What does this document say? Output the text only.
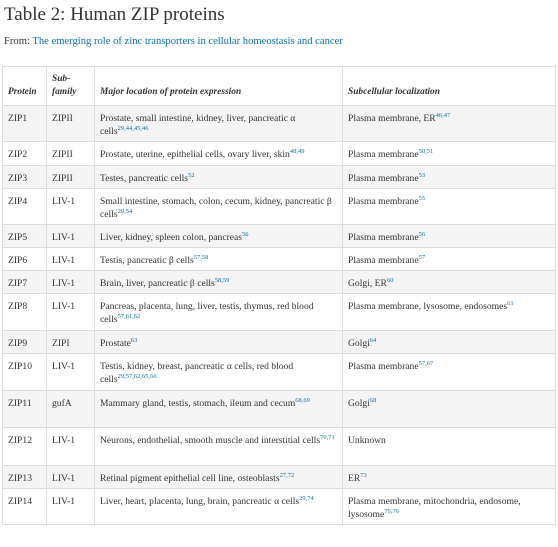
Table 2: Human ZIP proteins
From: The emerging role of zinc transporters in cellular homeostasis and cancer
Protein	Sub-family	Major location of protein expression	Subcellular localization
ZIP1	ZIPII	Prostate, small intestine, kidney, liver, pancreatic α cells$^{29,44,45,46}$	Plasma membrane, ER$^{46,47}$
ZIP2	ZIPII	Prostate, uterine, epithelial cells, ovary liver, skin$^{48,49}$	Plasma membrane$^{50,51}$
ZIP3	ZIPII	Testes, pancreatic cells$^{52}$	Plasma membrane$^{53}$
ZIP4	LIV-1	Small intestine, stomach, colon, cecum, kidney, pancreatic β cells$^{29,54}$	Plasma membrane$^{55}$
ZIP5	LIV-1	Liver, kidney, spleen colon, pancreas$^{56}$	Plasma membrane$^{56}$
ZIP6	LIV-1	Testis, pancreatic β cells$^{57,58}$	Plasma membrane$^{57}$
ZIP7	LIV-1	Brain, liver, pancreatic β cells$^{58,59}$	Golgi, ER$^{60}$
ZIP8	LIV-1	Pancreas, placenta, lung, liver, testis, thymus, red blood cells$^{57,61,62}$	Plasma membrane, lysosome, endosomes$^{61}$
ZIP9	ZIPI	Prostate$^{63}$	Golgi$^{64}$
ZIP10	LIV-1	Testis, kidney, breast, pancreatic α cells, red blood cells$^{29,57,62,65,66}$	Plasma membrane$^{57,67}$
ZIP11	gufA	Mammary gland, testis, stomach, ileum and cecum$^{68,69}$	Golgi$^{68}$
ZIP12	LIV-1	Neurons, endothelial, smooth muscle and interstitial cells$^{70,71}$	Unknown
ZIP13	LIV-1	Retinal pigment epithelial cell line, osteoblasts$^{27,72}$	ER$^{73}$
ZIP14	LIV-1	Liver, heart, placenta, lung, brain, pancreatic α cells$^{29,74}$	Plasma membrane, mitochondria, endosome, lysosome$^{75,76}$
